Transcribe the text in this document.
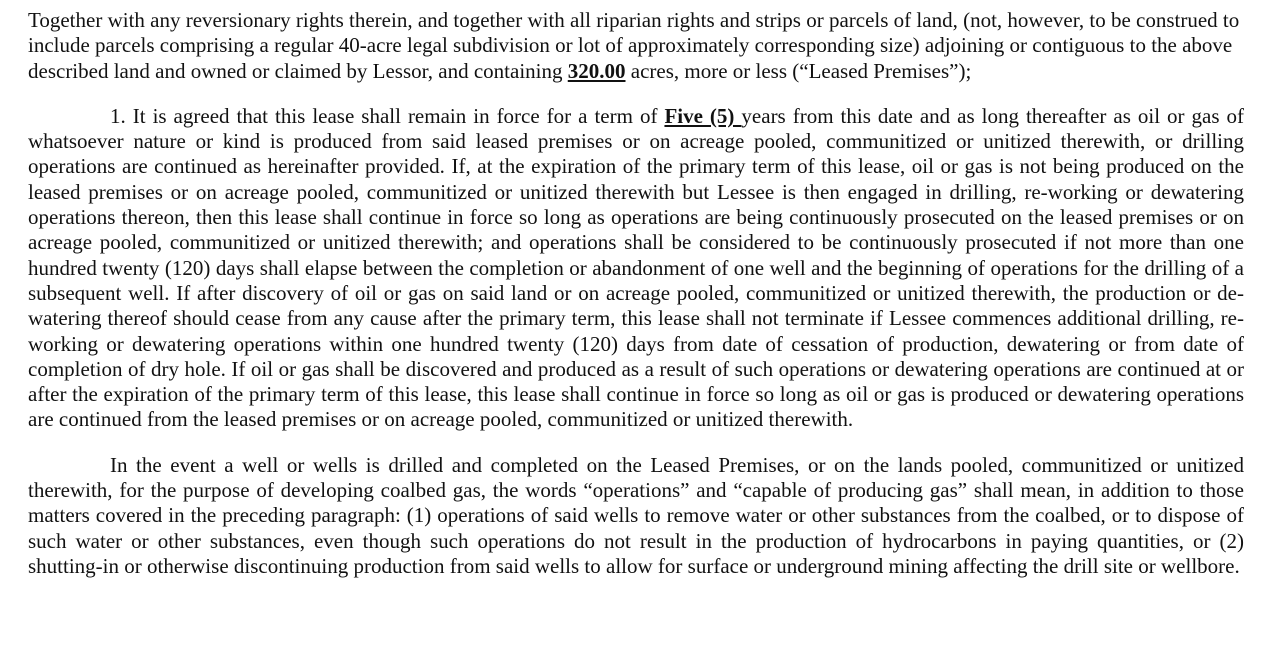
Together with any reversionary rights therein, and together with all riparian rights and strips or parcels of land, (not, however, to be construed to include parcels comprising a regular 40-acre legal subdivision or lot of approximately corresponding size) adjoining or contiguous to the above described land and owned or claimed by Lessor, and containing 320.00 acres, more or less (“Leased Premises”);

1. It is agreed that this lease shall remain in force for a term of Five (5) years from this date and as long thereafter as oil or gas of whatsoever nature or kind is produced from said leased premises or on acreage pooled, communitized or unitized therewith, or drilling operations are continued as hereinafter provided. If, at the expiration of the primary term of this lease, oil or gas is not being produced on the leased premises or on acreage pooled, communitized or unitized therewith but Lessee is then engaged in drilling, re-working or dewatering operations thereon, then this lease shall continue in force so long as operations are being continuously prosecuted on the leased premises or on acreage pooled, communitized or unitized therewith; and operations shall be considered to be continuously prosecuted if not more than one hundred twenty (120) days shall elapse between the completion or abandonment of one well and the beginning of operations for the drilling of a subsequent well. If after discovery of oil or gas on said land or on acreage pooled, communitized or unitized therewith, the production or de-watering thereof should cease from any cause after the primary term, this lease shall not terminate if Lessee commences additional drilling, re-working or dewatering operations within one hundred twenty (120) days from date of cessation of production, dewatering or from date of completion of dry hole. If oil or gas shall be discovered and produced as a result of such operations or dewatering operations are continued at or after the expiration of the primary term of this lease, this lease shall continue in force so long as oil or gas is produced or dewatering operations are continued from the leased premises or on acreage pooled, communitized or unitized therewith.

In the event a well or wells is drilled and completed on the Leased Premises, or on the lands pooled, communitized or unitized therewith, for the purpose of developing coalbed gas, the words “operations” and “capable of producing gas” shall mean, in addition to those matters covered in the preceding paragraph: (1) operations of said wells to remove water or other substances from the coalbed, or to dispose of such water or other substances, even though such operations do not result in the production of hydrocarbons in paying quantities, or (2) shutting-in or otherwise discontinuing production from said wells to allow for surface or underground mining affecting the drill site or wellbore.
